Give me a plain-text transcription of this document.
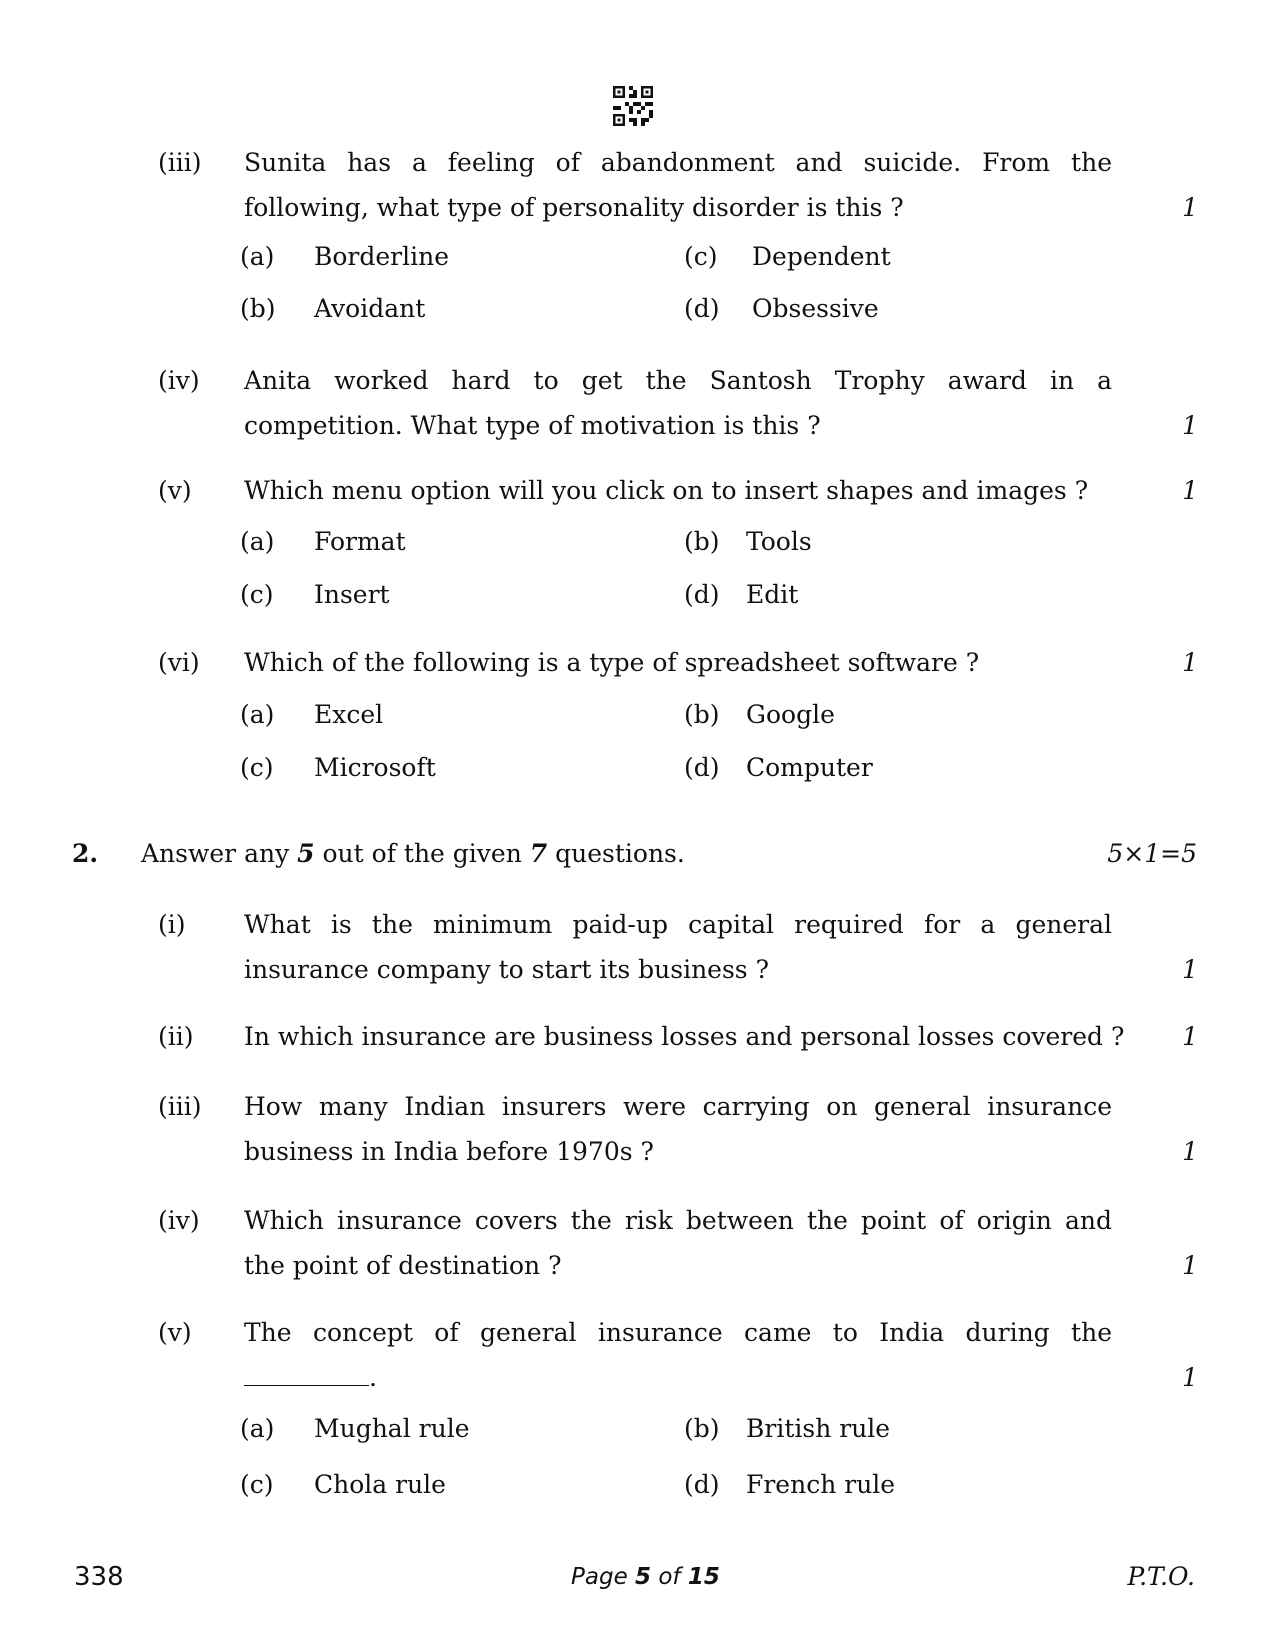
(iii) Sunita has a feeling of abandonment and suicide. From the
following, what type of personality disorder is this ?	1
(a) Borderline	(c) Dependent
(b) Avoidant	(d) Obsessive
(iv) Anita worked hard to get the Santosh Trophy award in a
competition. What type of motivation is this ?	1
(v) Which menu option will you click on to insert shapes and images ?	1
(a) Format	(b) Tools
(c) Insert	(d) Edit
(vi) Which of the following is a type of spreadsheet software ?	1
(a) Excel	(b) Google
(c) Microsoft	(d) Computer
2. Answer any 5 out of the given 7 questions.	5×1=5
(i) What is the minimum paid-up capital required for a general
insurance company to start its business ?	1
(ii) In which insurance are business losses and personal losses covered ?	1
(iii) How many Indian insurers were carrying on general insurance
business in India before 1970s ?	1
(iv) Which insurance covers the risk between the point of origin and
the point of destination ?	1
(v) The concept of general insurance came to India during the
.	1
(a) Mughal rule	(b) British rule
(c) Chola rule	(d) French rule
338	Page 5 of 15	P.T.O.
